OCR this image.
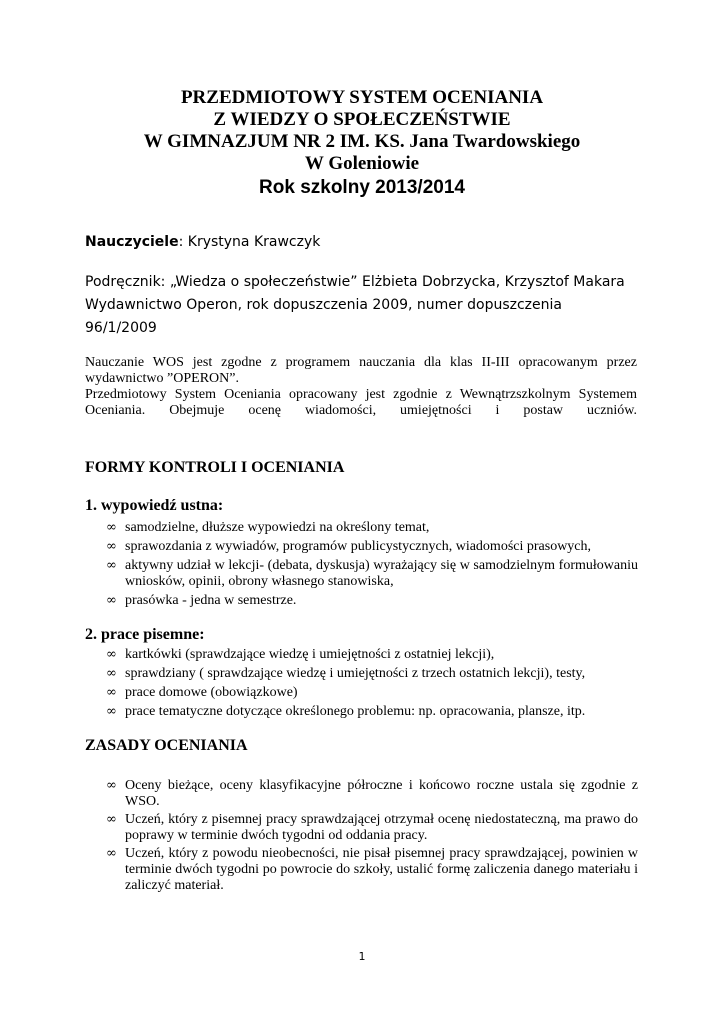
PRZEDMIOTOWY SYSTEM OCENIANIA
Z WIEDZY O SPOŁECZEŃSTWIE
W GIMNAZJUM NR 2 IM. KS. Jana Twardowskiego
W Goleniowie
Rok szkolny 2013/2014
Nauczyciele: Krystyna Krawczyk
Podręcznik: „Wiedza o społeczeństwie” Elżbieta Dobrzycka, Krzysztof Makara
Wydawnictwo Operon, rok dopuszczenia 2009, numer dopuszczenia
96/1/2009

Nauczanie WOS jest zgodne z programem nauczania dla klas II-III opracowanym przez wydawnictwo ”OPERON”.

Przedmiotowy System Oceniania opracowany jest zgodnie z Wewnątrzszkolnym Systemem Oceniania. Obejmuje ocenę wiadomości, umiejętności i postaw uczniów.

FORMY KONTROLI I OCENIANIA
1. wypowiedź ustna:
∞ samodzielne, dłuższe wypowiedzi na określony temat,
∞ sprawozdania z wywiadów, programów publicystycznych, wiadomości prasowych,
∞ aktywny udział w lekcji- (debata, dyskusja) wyrażający się w samodzielnym formułowaniu wniosków, opinii, obrony własnego stanowiska,
∞ prasówka - jedna w semestrze.
2. prace pisemne:
∞ kartkówki (sprawdzające wiedzę i umiejętności z ostatniej lekcji),
∞ sprawdziany ( sprawdzające wiedzę i umiejętności z trzech ostatnich lekcji), testy,
∞ prace domowe (obowiązkowe)
∞ prace tematyczne dotyczące określonego problemu: np. opracowania, plansze, itp.
ZASADY OCENIANIA
∞ Oceny bieżące, oceny klasyfikacyjne półroczne i końcowo roczne ustala się zgodnie z WSO.
∞ Uczeń, który z pisemnej pracy sprawdzającej otrzymał ocenę niedostateczną, ma prawo do poprawy w terminie dwóch tygodni od oddania pracy.
∞ Uczeń, który z powodu nieobecności, nie pisał pisemnej pracy sprawdzającej, powinien w terminie dwóch tygodni po powrocie do szkoły, ustalić formę zaliczenia danego materiału i zaliczyć materiał.
1
